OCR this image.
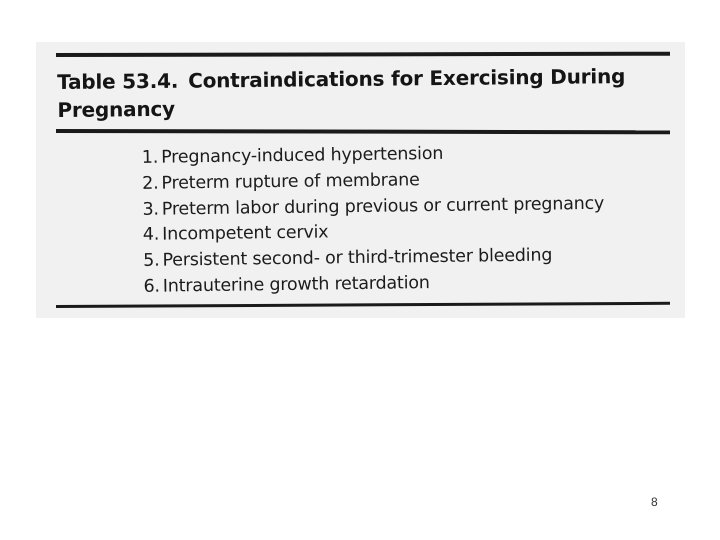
Table 53.4. Contraindications for Exercising During
Pregnancy
1. Pregnancy-induced hypertension
2. Preterm rupture of membrane
3. Preterm labor during previous or current pregnancy
4. Incompetent cervix
5. Persistent second- or third-trimester bleeding
6. Intrauterine growth retardation
8
